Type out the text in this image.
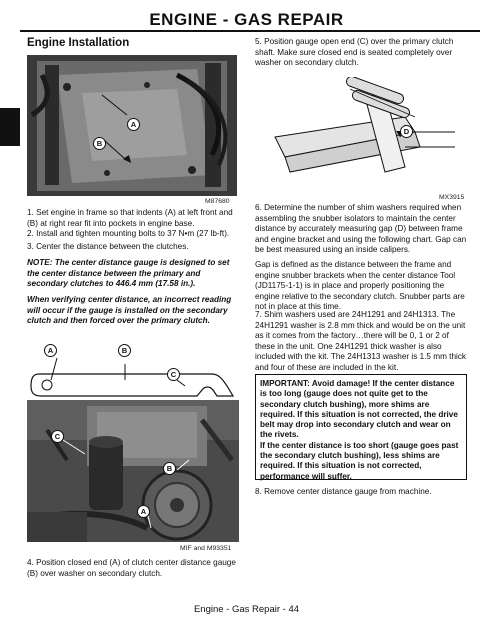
ENGINE - GAS REPAIR
Engine Installation
A
B
M87680
1. Set engine in frame so that indents (A) at left front and (B) at right rear fit into pockets in engine base.
2. Install and tighten mounting bolts to 37 N•m (27 lb-ft).
3. Center the distance between the clutches.
NOTE: The center distance gauge is designed to set the center distance between the primary and secondary clutches to 446.4 mm (17.58 in.).
When verifying center distance, an incorrect reading will occur if the gauge is installed on the secondary clutch and then forced over the primary clutch.
A	B
C
C
B
A
MIF and M93351
4. Position closed end (A) of clutch center distance gauge (B) over washer on secondary clutch.
5. Position gauge open end (C) over the primary clutch shaft. Make sure closed end is seated completely over washer on secondary clutch.
D
MX3915
6. Determine the number of shim washers required when assembling the snubber isolators to maintain the center distance by accurately measuring gap (D) between frame and engine bracket and using the following chart. Gap can be best measured using an inside calipers.
Gap is defined as the distance between the frame and engine snubber brackets when the center distance Tool (JD1175-1-1) is in place and properly positioning the engine relative to the secondary clutch. Snubber parts are not in place at this time.
7. Shim washers used are 24H1291 and 24H1313. The 24H1291 washer is 2.8 mm thick and would be on the unit as it comes from the factory…there will be 0, 1 or 2 of these in the unit. One 24H1291 thick washer is also included with the kit. The 24H1313 washer is 1.5 mm thick and four of these are included in the kit.
IMPORTANT: Avoid damage! If the center distance is too long (gauge does not quite get to the secondary clutch bushing), more shims are required. If this situation is not corrected, the drive belt may drop into secondary clutch and wear on the rivets.
If the center distance is too short (gauge goes past the secondary clutch bushing), less shims are required. If this situation is not corrected, performance will suffer.
8. Remove center distance gauge from machine.
Engine - Gas Repair - 44
